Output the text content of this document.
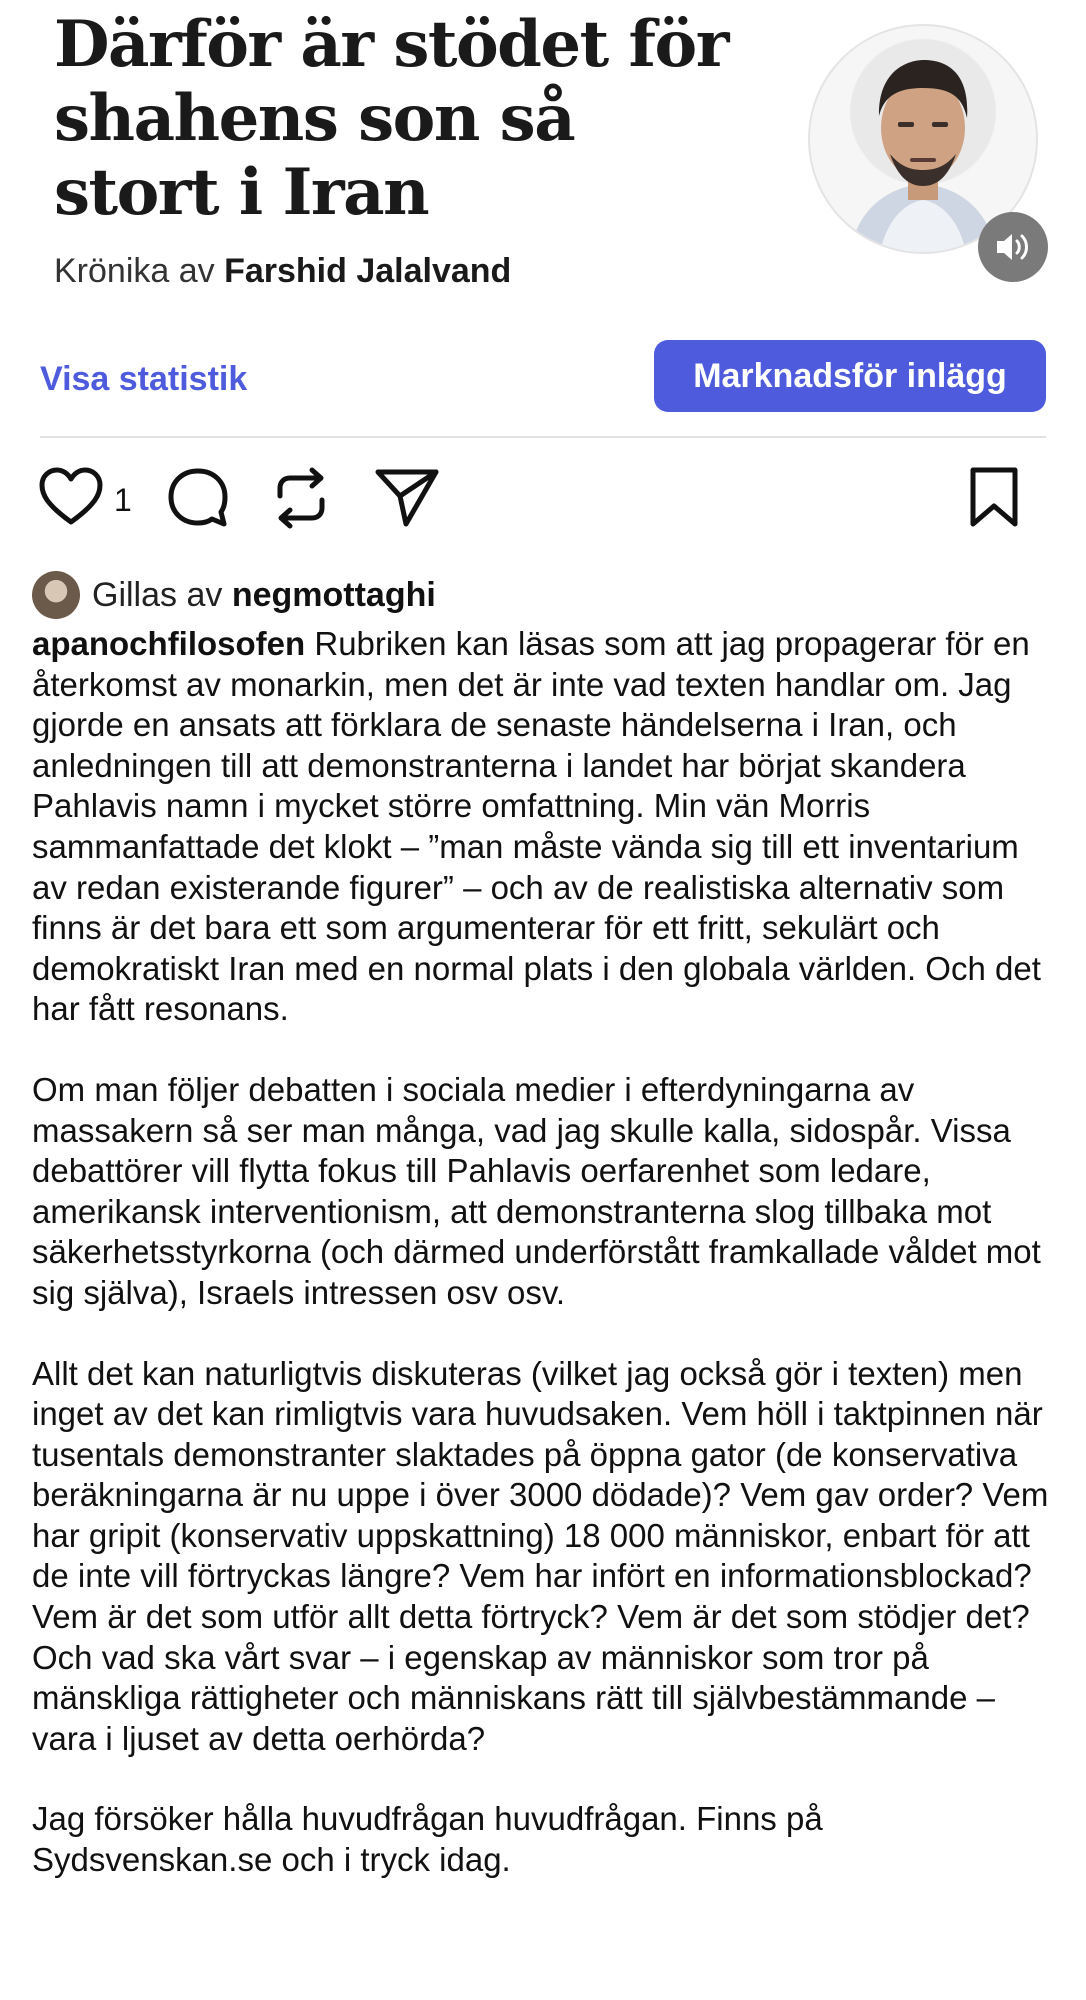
Därför är stödet för shahens son så stort i Iran
Krönika av Farshid Jalalvand
Visa statistik	Marknadsför inlägg
1
Gillas av negmottaghi

apanochfilosofen Rubriken kan läsas som att jag propagerar för en återkomst av monarkin, men det är inte vad texten handlar om. Jag gjorde en ansats att förklara de senaste händelserna i Iran, och anledningen till att demonstranterna i landet har börjat skandera Pahlavis namn i mycket större omfattning. Min vän Morris sammanfattade det klokt – ”man måste vända sig till ett inventarium av redan existerande figurer” – och av de realistiska alternativ som finns är det bara ett som argumenterar för ett fritt, sekulärt och demokratiskt Iran med en normal plats i den globala världen. Och det har fått resonans.

Om man följer debatten i sociala medier i efterdyningarna av massakern så ser man många, vad jag skulle kalla, sidospår. Vissa debattörer vill flytta fokus till Pahlavis oerfarenhet som ledare, amerikansk interventionism, att demonstranterna slog tillbaka mot säkerhetsstyrkorna (och därmed underförstått framkallade våldet mot sig själva), Israels intressen osv osv.

Allt det kan naturligtvis diskuteras (vilket jag också gör i texten) men inget av det kan rimligtvis vara huvudsaken. Vem höll i taktpinnen när tusentals demonstranter slaktades på öppna gator (de konservativa beräkningarna är nu uppe i över 3000 dödade)? Vem gav order? Vem har gripit (konservativ uppskattning) 18 000 människor, enbart för att de inte vill förtryckas längre? Vem har infört en informationsblockad? Vem är det som utför allt detta förtryck? Vem är det som stödjer det? Och vad ska vårt svar – i egenskap av människor som tror på mänskliga rättigheter och människans rätt till självbestämmande – vara i ljuset av detta oerhörda?

Jag försöker hålla huvudfrågan huvudfrågan. Finns på Sydsvenskan.se och i tryck idag.
